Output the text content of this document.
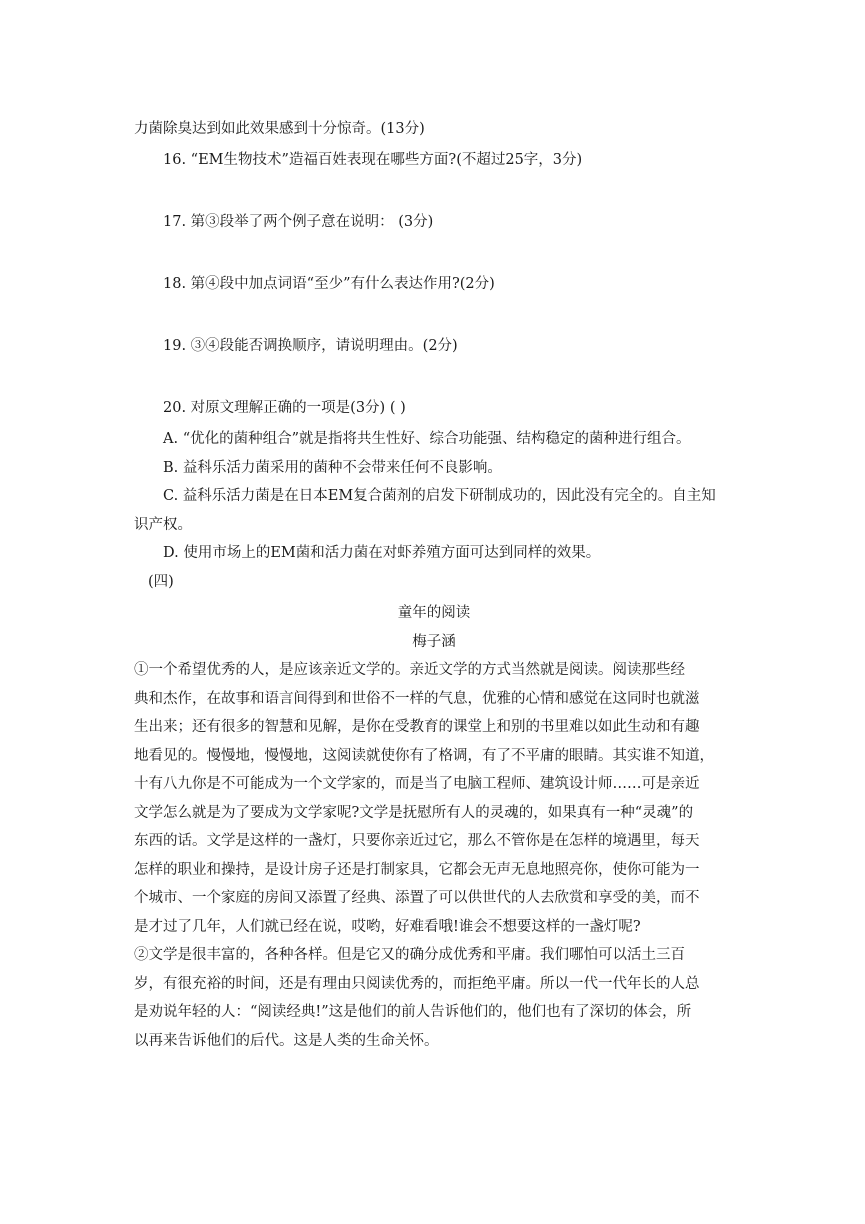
力菌除臭达到如此效果感到十分惊奇。(13分)

16. “EM生物技术”造福百姓表现在哪些方面?(不超过25字，3分)

17. 第③段举了两个例子意在说明： (3分)

18. 第④段中加点词语“至少”有什么表达作用?(2分)

19. ③④段能否调换顺序，请说明理由。(2分)

20. 对原文理解正确的一项是(3分) ( )

A. “优化的菌种组合”就是指将共生性好、综合功能强、结构稳定的菌种进行组合。

B. 益科乐活力菌采用的菌种不会带来任何不良影响。

C. 益科乐活力菌是在日本EM复合菌剂的启发下研制成功的，因此没有完全的。自主知

识产权。

D. 使用市场上的EM菌和活力菌在对虾养殖方面可达到同样的效果。

(四)

童年的阅读

梅子涵

①一个希望优秀的人，是应该亲近文学的。亲近文学的方式当然就是阅读。阅读那些经

典和杰作，在故事和语言间得到和世俗不一样的气息，优雅的心情和感觉在这同时也就滋

生出来；还有很多的智慧和见解，是你在受教育的课堂上和别的书里难以如此生动和有趣

地看见的。慢慢地，慢慢地，这阅读就使你有了格调，有了不平庸的眼睛。其实谁不知道，

十有八九你是不可能成为一个文学家的，而是当了电脑工程师、建筑设计师……可是亲近

文学怎么就是为了要成为文学家呢?文学是抚慰所有人的灵魂的，如果真有一种“灵魂”的

东西的话。文学是这样的一盏灯，只要你亲近过它，那么不管你是在怎样的境遇里，每天

怎样的职业和操持，是设计房子还是打制家具，它都会无声无息地照亮你，使你可能为一

个城市、一个家庭的房间又添置了经典、添置了可以供世代的人去欣赏和享受的美，而不

是才过了几年，人们就已经在说，哎哟，好难看哦!谁会不想要这样的一盏灯呢?

②文学是很丰富的，各种各样。但是它又的确分成优秀和平庸。我们哪怕可以活土三百

岁，有很充裕的时间，还是有理由只阅读优秀的，而拒绝平庸。所以一代一代年长的人总

是劝说年轻的人：“阅读经典!”这是他们的前人告诉他们的，他们也有了深切的体会，所

以再来告诉他们的后代。这是人类的生命关怀。
